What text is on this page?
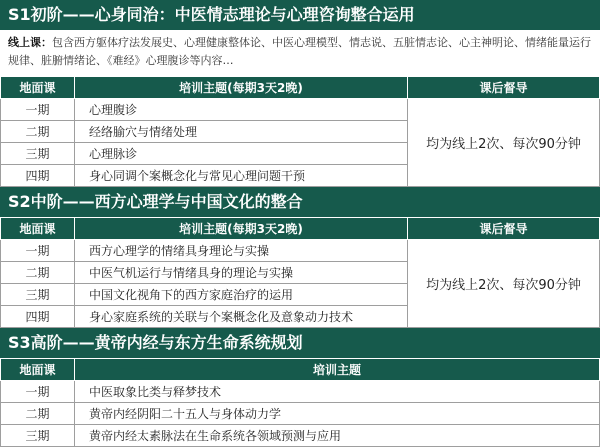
S1初阶——心身同治：中医情志理论与心理咨询整合运用
线上课：包含西方躯体疗法发展史、心理健康整体论、中医心理模型、情志说、五脏情志论、心主神明论、情绪能量运行规律、脏腑情绪论、《难经》心理腹诊等内容…
地面课	培训主题(每期3天2晚)	课后督导
一期	心理腹诊	均为线上2次、每次90分钟
二期	经络腧穴与情绪处理	
三期	心理脉诊	
四期	身心同调个案概念化与常见心理问题干预	
S2中阶——西方心理学与中国文化的整合
地面课	培训主题(每期3天2晚)	课后督导
一期	西方心理学的情绪具身理论与实操	均为线上2次、每次90分钟
二期	中医气机运行与情绪具身的理论与实操	
三期	中国文化视角下的西方家庭治疗的运用	
四期	身心家庭系统的关联与个案概念化及意象动力技术	
S3高阶——黄帝内经与东方生命系统规划
地面课	培训主题
一期	中医取象比类与释梦技术
二期	黄帝内经阴阳二十五人与身体动力学
三期	黄帝内经太素脉法在生命系统各领域预测与应用
